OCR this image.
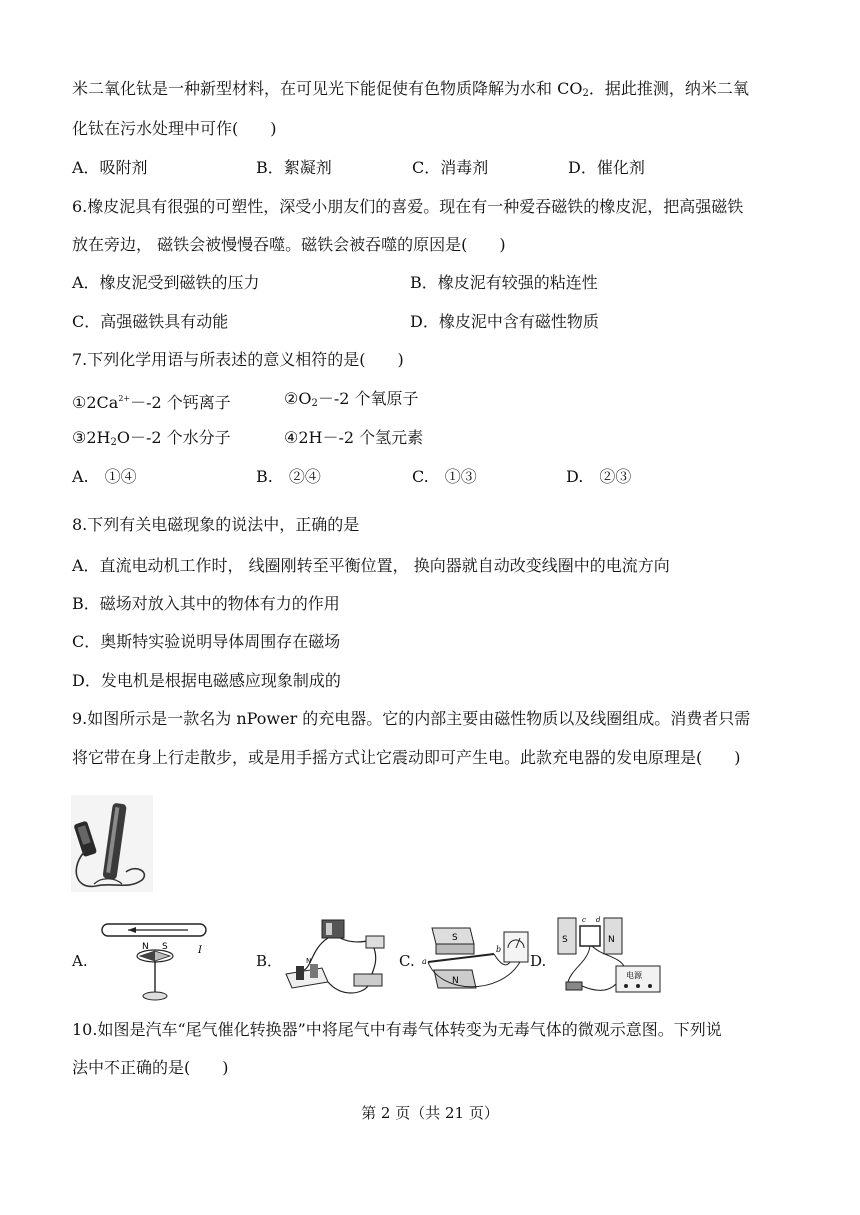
米二氧化钛是一种新型材料，在可见光下能促使有色物质降解为水和 $CO_2$．据此推测，纳米二氧
化钛在污水处理中可作(　　)
A．吸附剂	B．絮凝剂	C．消毒剂	D．催化剂
6.橡皮泥具有很强的可塑性，深受小朋友们的喜爱。现在有一种爱吞磁铁的橡皮泥，把高强磁铁
放在旁边， 磁铁会被慢慢吞噬。磁铁会被吞噬的原因是(　　)
A．橡皮泥受到磁铁的压力	B．橡皮泥有较强的粘连性
C．高强磁铁具有动能	D．橡皮泥中含有磁性物质
7.下列化学用语与所表述的意义相符的是(　　)
$①2Ca^{2+}--2$ 个钙离子	$②O_2--2$ 个氧原子
$③2H_2O--2$ 个水分子	④2H－-2 个氢元素
A.　①④	B.　②④	C.　①③	D.　②③
8.下列有关电磁现象的说法中，正确的是
A．直流电动机工作时， 线圈刚转至平衡位置， 换向器就自动改变线圈中的电流方向
B．磁场对放入其中的物体有力的作用
C．奥斯特实验说明导体周围存在磁场
D．发电机是根据电磁感应现象制成的
9.如图所示是一款名为 nPower 的充电器。它的内部主要由磁性物质以及线圈组成。消费者只需
将它带在身上行走散步，或是用手摇方式让它震动即可产生电。此款充电器的发电原理是(　　)
A.	B．	C.	D.
N S	I
N
S
N
a
b
S	N
c d
电源
10.如图是汽车“尾气催化转换器”中将尾气中有毒气体转变为无毒气体的微观示意图。下列说
法中不正确的是(　　)
第 2 页（共 21 页）
